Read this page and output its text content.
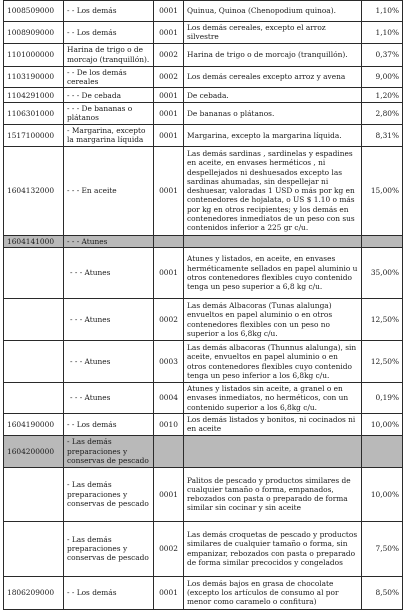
1008509000	- - Los demás	0001	Quinua, Quinoa (Chenopodium quinoa).	1,10%
1008909000	- - Los demás	0001	Los demás cereales, excepto el arroz silvestre	1,10%
1101000000	Harina de trigo o de morcajo (tranquillón).	0002	Harina de trigo o de morcajo (tranquillón).	0,37%
1103190000	- - De los demás cereales	0002	Los demás cereales excepto arroz y avena	9,00%
1104291000	- - - De cebada	0001	De cebada.	1,20%
1106301000	- - - De bananas o plátanos	0001	De bananas o plátanos.	2,80%
1517100000	- Margarina, excepto la margarina líquida	0001	Margarina, excepto la margarina líquida.	8,31%
1604132000	- - - En aceite	0001	Las demás sardinas , sardinelas y espadines en aceite, en envases herméticos , ni despellejados ni deshuesados excepto las sardinas ahumadas, sin despellejar ni deshuesar, valoradas 1 USD o más por kg en contenedores de hojalata, o US $ 1.10 o más por kg en otros recipientes; y los demás en contenedores inmediatos de un peso con sus contenidos inferior a 225 gr c/u.	15,00%
1604141000	- - - Atunes			
	- - - Atunes	0001	Atunes y listados, en aceite, en envases herméticamente sellados en papel aluminio u otros contenedores flexibles cuyo contenido tenga un peso superior a 6,8 kg c/u.	35,00%
	- - - Atunes	0002	Las demás Albacoras (Tunas alalunga) envueltos en papel aluminio o en otros contenedores flexibles con un peso no superior a los 6,8kg c/u.	12,50%
	- - - Atunes	0003	Las demás albacoras (Thunnus alalunga), sin aceite, envueltos en papel aluminio o en otros contenedores flexibles cuyo contenido tenga un peso inferior a los 6,8kg c/u.	12,50%
	- - - Atunes	0004	Atunes y listados sin aceite, a granel o en envases inmediatos, no herméticos, con un contenido superior a los 6,8kg c/u.	0,19%
1604190000	- - Los demás	0010	Los demás listados y bonitos, ni cocinados ni en aceite	10,00%
1604200000	- Las demás preparaciones y conservas de pescado			
	- Las demás preparaciones y conservas de pescado	0001	Palitos de pescado y productos similares de cualquier tamaño o forma, empanados, rebozados con pasta o preparado de forma similar sin cocinar y sin aceite	10,00%
	- Las demás preparaciones y conservas de pescado	0002	Las demás croquetas de pescado y productos similares de cualquier tamaño o forma, sin empanizar, rebozados con pasta o preparado de forma similar precocidos y congelados	7,50%
1806209000	- - Los demás	0001	Los demás bajos en grasa de chocolate (excepto los artículos de consumo al por menor como caramelo o confitura)	8,50%
